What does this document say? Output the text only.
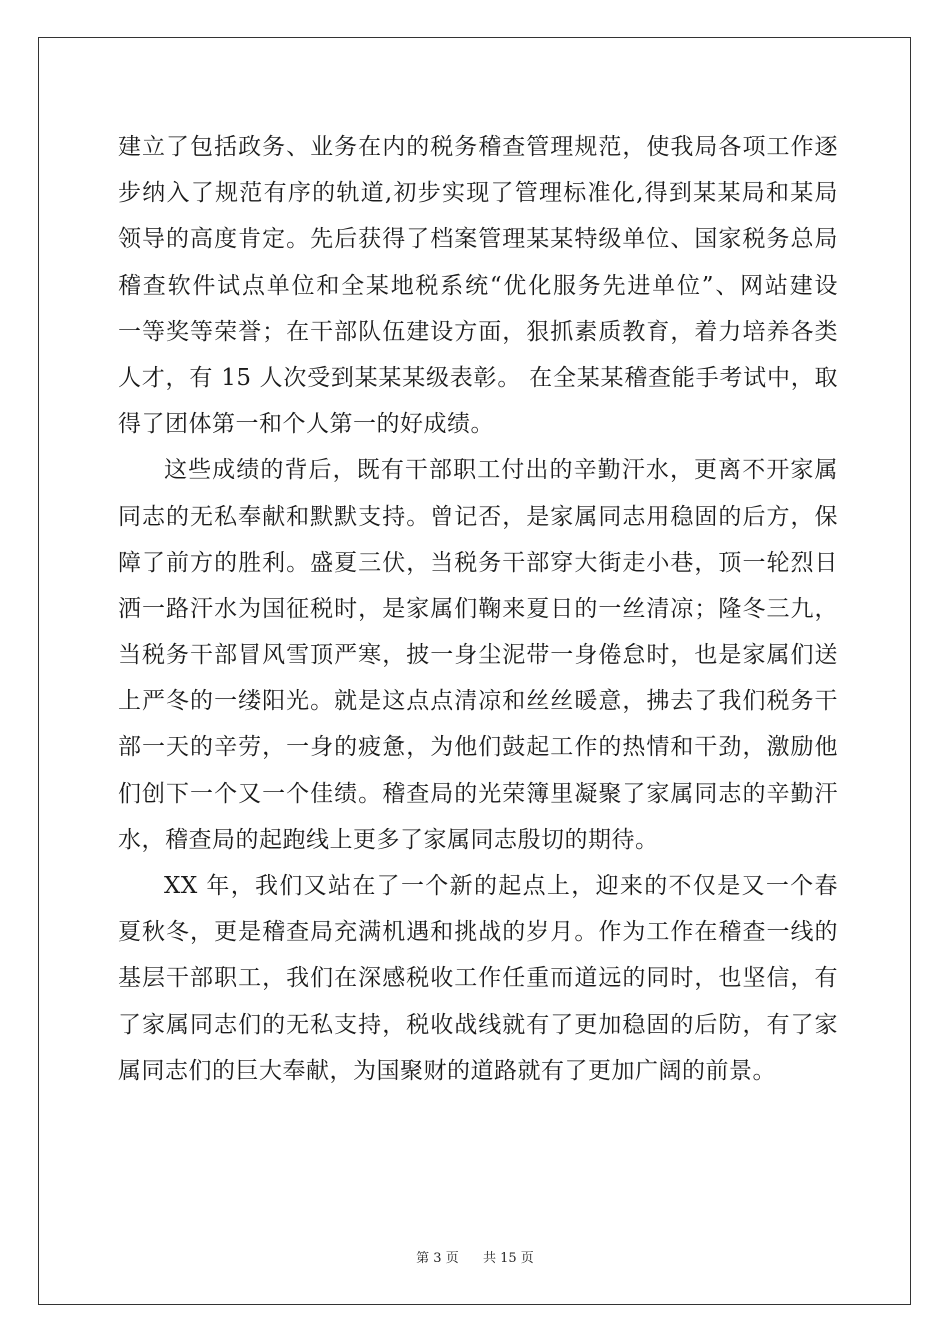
建立了包括政务、业务在内的税务稽查管理规范，使我局各项工作逐
步纳入了规范有序的轨道,初步实现了管理标准化,得到某某局和某局
领导的高度肯定。先后获得了档案管理某某特级单位、国家税务总局
稽查软件试点单位和全某地税系统“优化服务先进单位”、网站建设
一等奖等荣誉；在干部队伍建设方面，狠抓素质教育，着力培养各类
人才，有 15 人次受到某某某级表彰。 在全某某稽查能手考试中，取
得了团体第一和个人第一的好成绩。
这些成绩的背后，既有干部职工付出的辛勤汗水，更离不开家属
同志的无私奉献和默默支持。曾记否，是家属同志用稳固的后方，保
障了前方的胜利。盛夏三伏，当税务干部穿大街走小巷，顶一轮烈日
洒一路汗水为国征税时，是家属们鞠来夏日的一丝清凉；隆冬三九，
当税务干部冒风雪顶严寒，披一身尘泥带一身倦怠时，也是家属们送
上严冬的一缕阳光。就是这点点清凉和丝丝暖意，拂去了我们税务干
部一天的辛劳，一身的疲惫，为他们鼓起工作的热情和干劲，激励他
们创下一个又一个佳绩。稽查局的光荣簿里凝聚了家属同志的辛勤汗
水，稽查局的起跑线上更多了家属同志殷切的期待。
XX 年，我们又站在了一个新的起点上，迎来的不仅是又一个春
夏秋冬，更是稽查局充满机遇和挑战的岁月。作为工作在稽查一线的
基层干部职工，我们在深感税收工作任重而道远的同时，也坚信，有
了家属同志们的无私支持，税收战线就有了更加稳固的后防，有了家
属同志们的巨大奉献，为国聚财的道路就有了更加广阔的前景。
第 3 页 共 15 页
